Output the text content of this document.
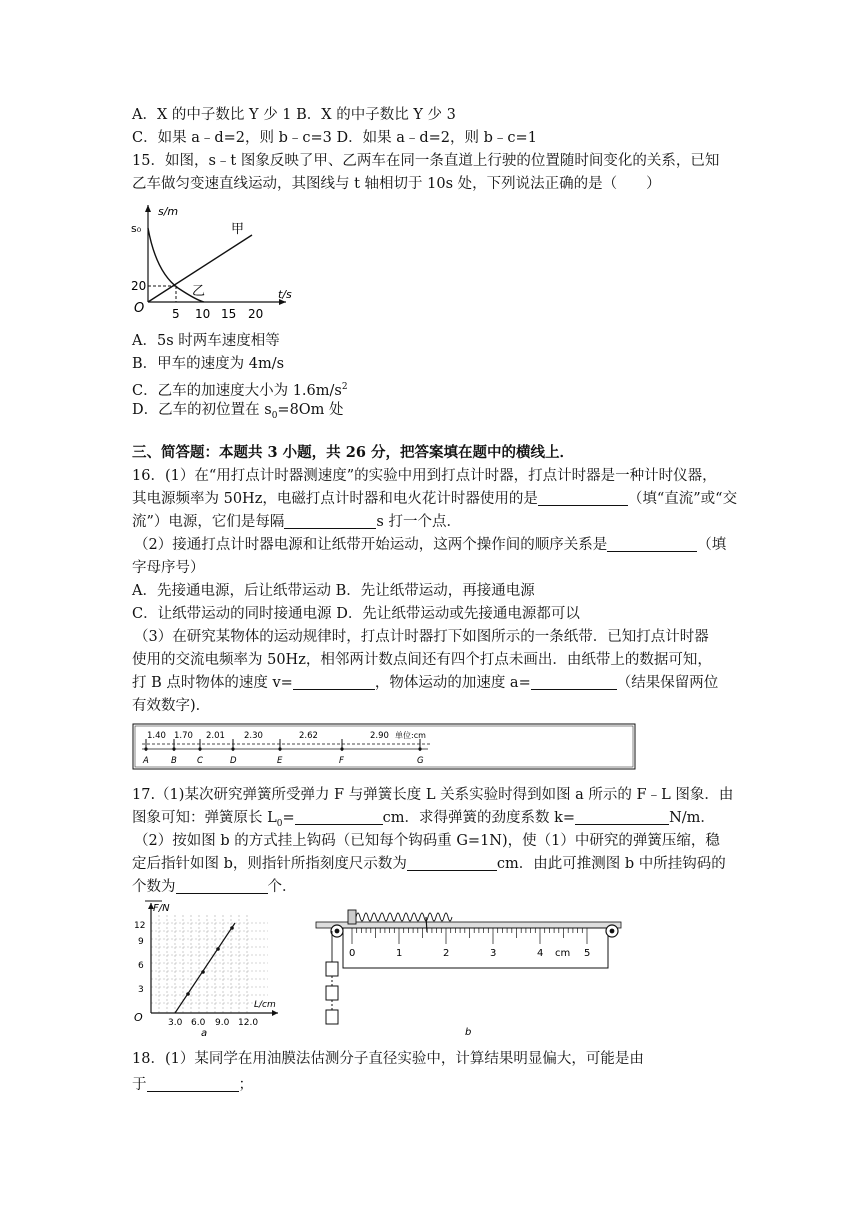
A．X 的中子数比 Y 少 1 B．X 的中子数比 Y 少 3
C．如果 a﹣d=2，则 b﹣c=3 D．如果 a﹣d=2，则 b﹣c=1
15．如图，s﹣t 图象反映了甲、乙两车在同一条直道上行驶的位置随时间变化的关系，已知
乙车做匀变速直线运动，其图线与 t 轴相切于 10s 处，下列说法正确的是（　　）
s/m
s₀
20
O
t/s
5 10 15 20
甲
乙
A．5s 时两车速度相等
B．甲车的速度为 4m/s
C．乙车的加速度大小为 $1.6m/s^2$
D．乙车的初位置在 $s_0=8Om$ 处
三、简答题：本题共 3 小题，共 26 分，把答案填在题中的横线上．
16．(1）在“用打点计时器测速度”的实验中用到打点计时器，打点计时器是一种计时仪器，
其电源频率为 50Hz，电磁打点计时器和电火花计时器使用的是	（填“直流”或“交
流”）电源，它们是每隔	s 打一个点．
（2）接通打点计时器电源和让纸带开始运动，这两个操作间的顺序关系是	（填
字母序号）
A．先接通电源，后让纸带运动 B．先让纸带运动，再接通电源
C．让纸带运动的同时接通电源 D．先让纸带运动或先接通电源都可以
（3）在研究某物体的运动规律时，打点计时器打下如图所示的一条纸带．已知打点计时器
使用的交流电频率为 50Hz，相邻两计数点间还有四个打点未画出．由纸带上的数据可知，
打 B 点时物体的速度 v=	，物体运动的加速度 a=	（结果保留两位
有效数字)．
1.40 1.70 2.01 2.30	2.62	2.90 单位:cm
A	B C	D	E	F	G
17.（1)某次研究弹簧所受弹力 F 与弹簧长度 L 关系实验时得到如图 a 所示的 F﹣L 图象．由
图象可知：弹簧原长 $L_0=$	cm．求得弹簧的劲度系数 k=	N/m．
（2）按如图 b 的方式挂上钩码（已知每个钩码重 G=1N)，使（1）中研究的弹簧压缩，稳
定后指针如图 b，则指针所指刻度尺示数为	cm．由此可推测图 b 中所挂钩码的
个数为	个．
F/N
3
6
9
12
O	3.0 6.0 9.0 12.0
L/cm
a
0	1	2	3	4 cm 5
b
18．(1）某同学在用油膜法估测分子直径实验中，计算结果明显偏大，可能是由
于	；
